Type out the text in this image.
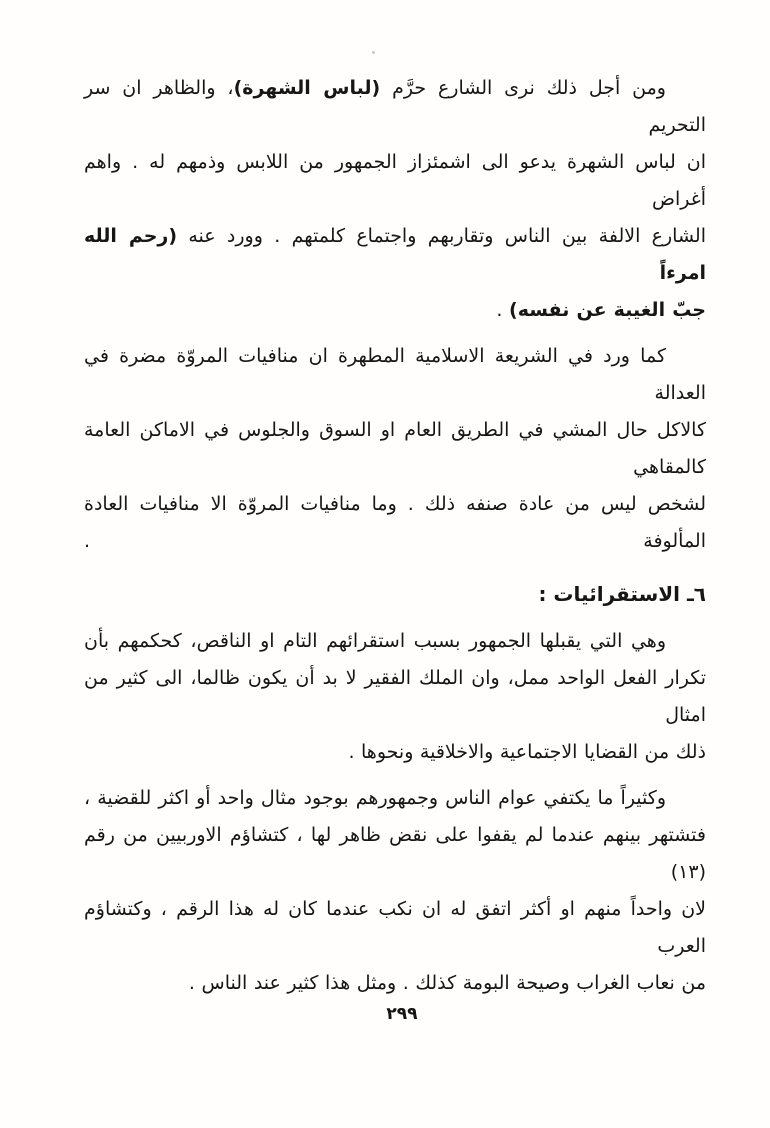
ومن أجل ذلك نرى الشارع حرَّم (لباس الشهرة)، والظاهر ان سر التحريم
ان لباس الشهرة يدعو الى اشمئزاز الجمهور من اللابس وذمهم له . واهم أغراض
الشارع الالفة بين الناس وتقاربهم واجتماع كلمتهم . وورد عنه (رحم الله امرءاً
جبّ الغيبة عن نفسه) .
كما ورد في الشريعة الاسلامية المطهرة ان منافيات المروّة مضرة في العدالة
كالاكل حال المشي في الطريق العام او السوق والجلوس في الاماكن العامة كالمقاهي
لشخص ليس من عادة صنفه ذلك . وما منافيات المروّة الا منافيات العادة المألوفة .
٦ـ الاستقرائيات :
وهي التي يقبلها الجمهور بسبب استقرائهم التام او الناقص، كحكمهم بأن
تكرار الفعل الواحد ممل، وان الملك الفقير لا بد أن يكون ظالما، الى كثير من امثال
ذلك من القضايا الاجتماعية والاخلاقية ونحوها .
وكثيراً ما يكتفي عوام الناس وجمهورهم بوجود مثال واحد أو اكثر للقضية ،
فتشتهر بينهم عندما لم يقفوا على نقض ظاهر لها ، كتشاؤم الاوربيين من رقم (١٣)
لان واحداً منهم او أكثر اتفق له ان نكب عندما كان له هذا الرقم ، وكتشاؤم العرب
من نعاب الغراب وصيحة البومة كذلك . ومثل هذا كثير عند الناس .
٢٩٩
